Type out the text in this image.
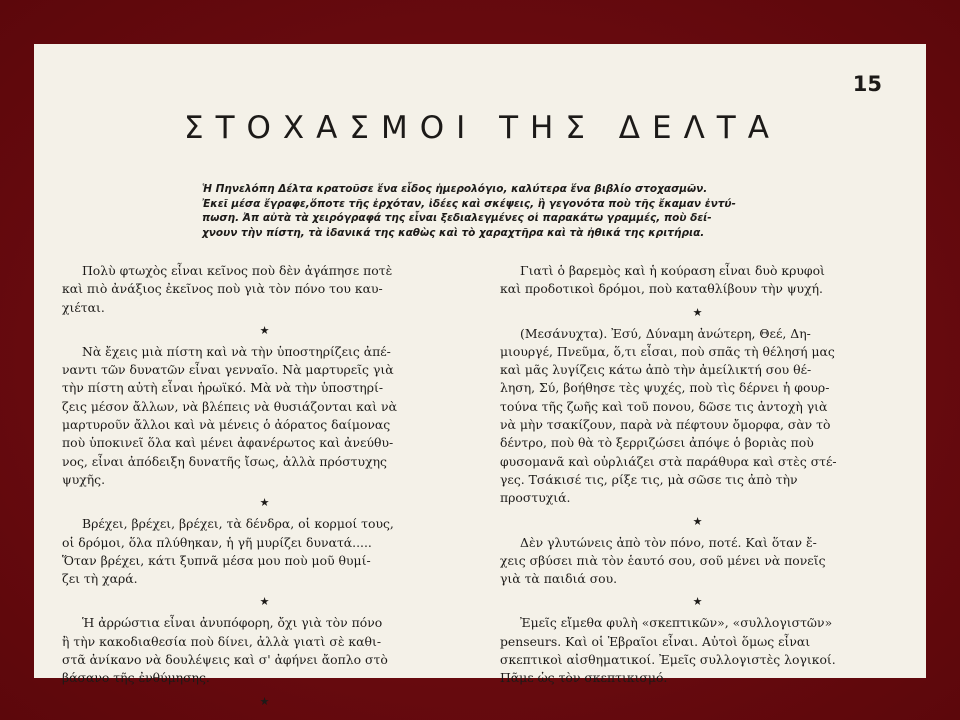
15
ΣΤΟΧΑΣΜΟΙ ΤΗΣ ΔΕΛΤΑ
Ἡ Πηνελόπη Δέλτα κρατοῦσε ἕνα εἶδος ἡμερολόγιο, καλύτερα ἕνα βιβλίο στοχασμῶν.
Ἐκεῖ μέσα ἔγραφε,ὅποτε τῆς ἐρχόταν, ἰδέες καὶ σκέψεις, ἢ γεγονότα ποὺ τῆς ἔκαμαν ἐντύ-
πωση. Ἀπ αὐτὰ τὰ χειρόγραφά της εἶναι ξεδιαλεγμένες οἱ παρακάτω γραμμές, ποὺ δεί-
χνουν τὴν πίστη, τὰ ἰδανικά της καθὼς καὶ τὸ χαραχτῆρα καὶ τὰ ἠθικά της κριτήρια.
Πολὺ φτωχὸς εἶναι κεῖνος ποὺ δὲν ἀγάπησε ποτὲ
καὶ πιὸ ἀνάξιος ἐκεῖνος ποὺ γιὰ τὸν πόνο του καυ-
χιέται.
★
Νὰ ἔχεις μιὰ πίστη καὶ νὰ τὴν ὑποστηρίζεις ἀπέ-
ναντι τῶν δυνατῶν εἶναι γενναῖο. Νὰ μαρτυρεῖς γιὰ
τὴν πίστη αὐτὴ εἶναι ἡρωϊκό. Μὰ νὰ τὴν ὑποστηρί-
ζεις μέσον ἄλλων, νὰ βλέπεις νὰ θυσιάζονται καὶ νὰ
μαρτυροῦν ἄλλοι καὶ νὰ μένεις ὁ ἀόρατος δαίμονας
ποὺ ὑποκινεῖ ὅλα καὶ μένει ἀφανέρωτος καὶ ἀνεύθυ-
νος, εἶναι ἀπόδειξη δυνατῆς ἴσως, ἀλλὰ πρόστυχης
ψυχῆς.
★
Βρέχει, βρέχει, βρέχει, τὰ δένδρα, οἱ κορμοί τους,
οἱ δρόμοι, ὅλα πλύθηκαν, ἡ γῆ μυρίζει δυνατά.....
Ὅταν βρέχει, κάτι ξυπνᾶ μέσα μου ποὺ μοῦ θυμί-
ζει τὴ χαρά.
★
Ἡ ἀρρώστια εἶναι ἀνυπόφορη, ὄχι γιὰ τὸν πόνο
ἢ τὴν κακοδιαθεσία ποὺ δίνει, ἀλλὰ γιατὶ σὲ καθι-
στᾶ ἀνίκανο νὰ δουλέψεις καὶ σ' ἀφήνει ἄοπλο στὸ
βάσανο τῆς ἐνθύμησης.
★
Γιατὶ ὁ βαρεμὸς καὶ ἡ κούραση εἶναι δυὸ κρυφοὶ
καὶ προδοτικοὶ δρόμοι, ποὺ καταθλίβουν τὴν ψυχή.
★
(Μεσάνυχτα). Ἐσύ, Δύναμη ἀνώτερη, Θεέ, Δη-
μιουργέ, Πνεῦμα, ὅ,τι εἶσαι, ποὺ σπᾶς τὴ θέλησή μας
καὶ μᾶς λυγίζεις κάτω ἀπὸ τὴν ἀμείλικτή σου θέ-
ληση, Σύ, βοήθησε τὲς ψυχές, ποὺ τὶς δέρνει ἡ φουρ-
τούνα τῆς ζωῆς καὶ τοῦ πονου, δῶσε τις ἀντοχὴ γιὰ
νὰ μὴν τσακίζουν, παρὰ νὰ πέφτουν ὄμορφα, σὰν τὸ
δέντρο, ποὺ θὰ τὸ ξερριζώσει ἀπόψε ὁ βοριὰς ποὺ
φυσομανᾶ καὶ οὐρλιάζει στὰ παράθυρα καὶ στὲς στέ-
γες. Τσάκισέ τις, ρίξε τις, μὰ σῶσε τις ἀπὸ τὴν
προστυχιά.
★
Δὲν γλυτώνεις ἀπὸ τὸν πόνο, ποτέ. Καὶ ὅταν ἔ-
χεις σβύσει πιὰ τὸν ἑαυτό σου, σοῦ μένει νὰ πονεῖς
γιὰ τὰ παιδιά σου.
★
Ἐμεῖς εἴμεθα φυλὴ «σκεπτικῶν», «συλλογιστῶν»
penseurs. Καὶ οἱ Ἑβραῖοι εἶναι. Αὐτοὶ ὅμως εἶναι
σκεπτικοὶ αἰσθηματικοί. Ἐμεῖς συλλογιστὲς λογικοί.
Πᾶμε ὡς τὸν σκεπτικισμό.
